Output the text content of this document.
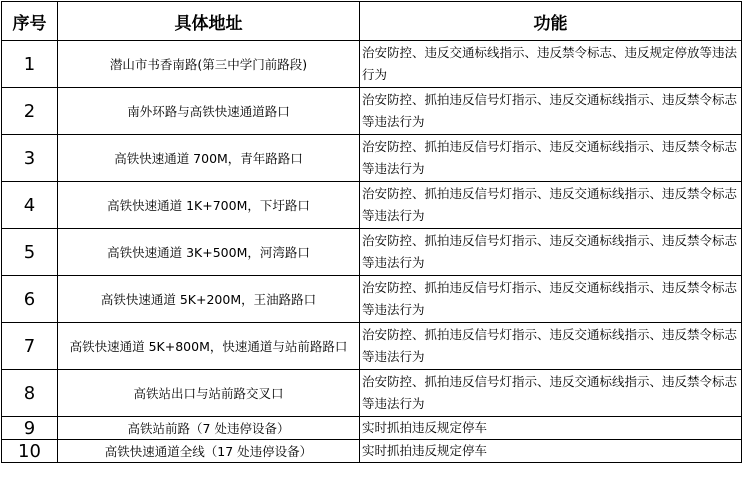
序号	具体地址	功能
1	潜山市书香南路(第三中学门前路段)	治安防控、违反交通标线指示、违反禁令标志、违反规定停放等违法行为
2	南外环路与高铁快速通道路口	治安防控、抓拍违反信号灯指示、违反交通标线指示、违反禁令标志等违法行为
3	高铁快速通道 700M，青年路路口	治安防控、抓拍违反信号灯指示、违反交通标线指示、违反禁令标志等违法行为
4	高铁快速通道 1K+700M，下圩路口	治安防控、抓拍违反信号灯指示、违反交通标线指示、违反禁令标志等违法行为
5	高铁快速通道 3K+500M，河湾路口	治安防控、抓拍违反信号灯指示、违反交通标线指示、违反禁令标志等违法行为
6	高铁快速通道 5K+200M，王油路路口	治安防控、抓拍违反信号灯指示、违反交通标线指示、违反禁令标志等违法行为
7	高铁快速通道 5K+800M，快速通道与站前路路口	治安防控、抓拍违反信号灯指示、违反交通标线指示、违反禁令标志等违法行为
8	高铁站出口与站前路交叉口	治安防控、抓拍违反信号灯指示、违反交通标线指示、违反禁令标志等违法行为
9	高铁站前路（7 处违停设备）	实时抓拍违反规定停车
10	高铁快速通道全线（17 处违停设备）	实时抓拍违反规定停车
